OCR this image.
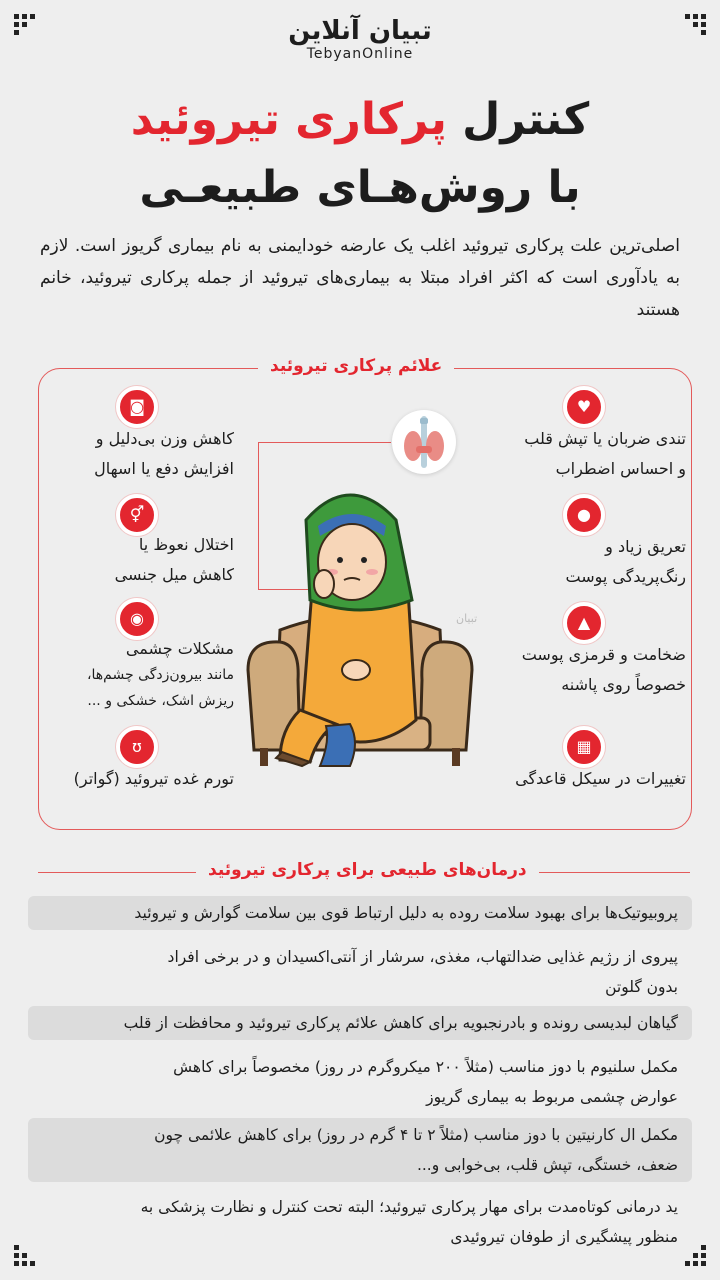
تبیان آنلاین
TebyanOnline
کنترل پرکاری تیروئید
با روش‌هـای طبیعـی
اصلی‌ترین علت پرکاری تیروئید اغلب یک عارضه خودایمنی به نام بیماری گریوز است. لازم به یادآوری است که اکثر افراد مبتلا به بیماری‌های تیروئید از جمله پرکاری تیروئید، خانم هستند
علائم پرکاری تیروئید
تبیان
♥
تندی ضربان یا تپش قلب
و احساس اضطراب
●
تعریق زیاد و
رنگ‌پریدگی پوست
▲
ضخامت و قرمزی پوست
خصوصاً روی پاشنه
▦
تغییرات در سیکل قاعدگی
◙
کاهش وزن بی‌دلیل و
افزایش دفع یا اسهال
⚥
اختلال نعوظ یا
کاهش میل جنسی
◉
مشکلات چشمی
مانند بیرون‌زدگی چشم‌ها،
ریزش اشک، خشکی و ...
ʊ
تورم غده تیروئید (گواتر)
درمان‌های طبیعی برای پرکاری تیروئید
پروبیوتیک‌ها برای بهبود سلامت روده به دلیل ارتباط قوی بین سلامت گوارش و تیروئید
پیروی از رژیم غذایی ضدالتهاب، مغذی، سرشار از آنتی‌اکسیدان و در برخی افراد
بدون گلوتن
گیاهان لبدیسی رونده و بادرنجبویه برای کاهش علائم پرکاری تیروئید و محافظت از قلب
مکمل سلنیوم با دوز مناسب (مثلاً ۲۰۰ میکروگرم در روز) مخصوصاً برای کاهش
عوارض چشمی مربوط به بیماری گریوز
مکمل ال کارنیتین با دوز مناسب (مثلاً ۲ تا ۴ گرم در روز) برای کاهش علائمی چون
ضعف، خستگی، تپش قلب، بی‌خوابی و...
ید درمانی کوتاه‌مدت برای مهار پرکاری تیروئید؛ البته تحت کنترل و نظارت پزشکی به
منظور پیشگیری از طوفان تیروئیدی
